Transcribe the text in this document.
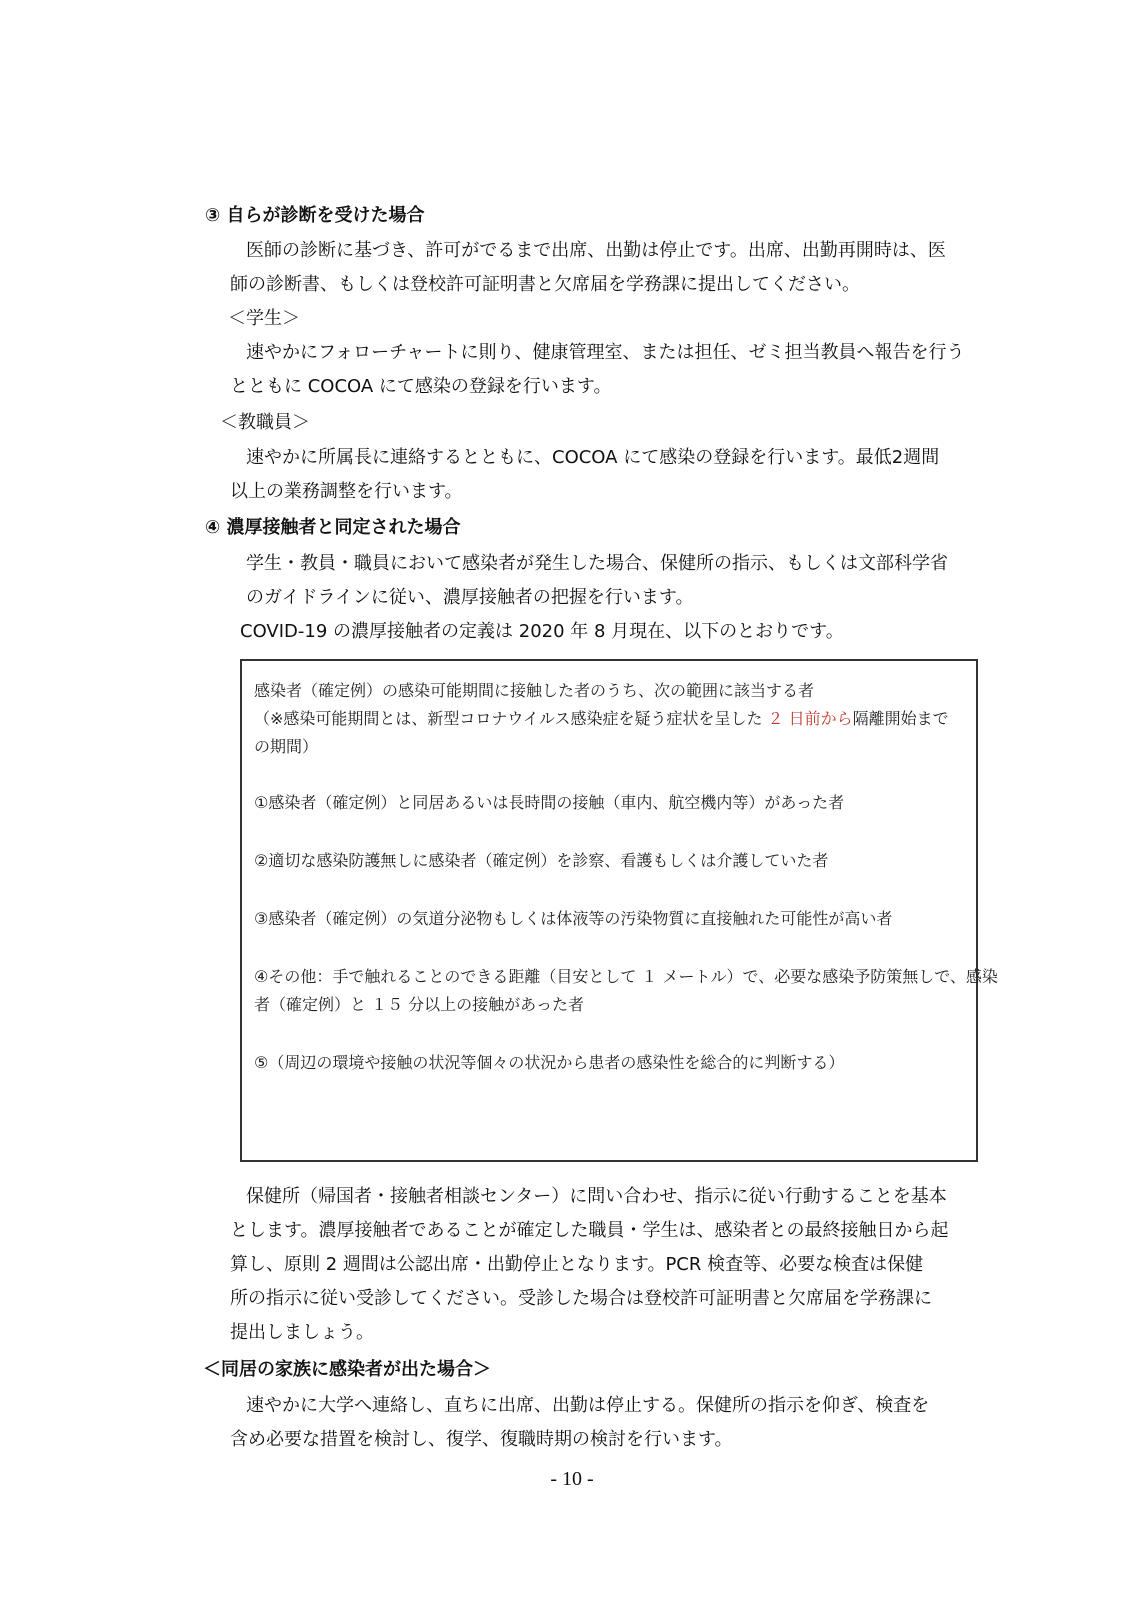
③ 自らが診断を受けた場合
医師の診断に基づき、許可がでるまで出席、出勤は停止です。出席、出勤再開時は、医
師の診断書、もしくは登校許可証明書と欠席届を学務課に提出してください。
＜学生＞
速やかにフォローチャートに則り、健康管理室、または担任、ゼミ担当教員へ報告を行う
とともに COCOA にて感染の登録を行います。
＜教職員＞
速やかに所属長に連絡するとともに、COCOA にて感染の登録を行います。最低2週間
以上の業務調整を行います。
④ 濃厚接触者と同定された場合
学生・教員・職員において感染者が発生した場合、保健所の指示、もしくは文部科学省
のガイドラインに従い、濃厚接触者の把握を行います。
COVID-19 の濃厚接触者の定義は 2020 年 8 月現在、以下のとおりです。
感染者（確定例）の感染可能期間に接触した者のうち、次の範囲に該当する者
（※感染可能期間とは、新型コロナウイルス感染症を疑う症状を呈した ２ 日前から隔離開始まで
の期間）
①感染者（確定例）と同居あるいは長時間の接触（車内、航空機内等）があった者
②適切な感染防護無しに感染者（確定例）を診察、看護もしくは介護していた者
③感染者（確定例）の気道分泌物もしくは体液等の汚染物質に直接触れた可能性が高い者
④その他：手で触れることのできる距離（目安として １ メートル）で、必要な感染予防策無しで、感染
者（確定例）と １５ 分以上の接触があった者
⑤（周辺の環境や接触の状況等個々の状況から患者の感染性を総合的に判断する）
保健所（帰国者・接触者相談センター）に問い合わせ、指示に従い行動することを基本
とします。濃厚接触者であることが確定した職員・学生は、感染者との最終接触日から起
算し、原則 2 週間は公認出席・出勤停止となります。PCR 検査等、必要な検査は保健
所の指示に従い受診してください。受診した場合は登校許可証明書と欠席届を学務課に
提出しましょう。
＜同居の家族に感染者が出た場合＞
速やかに大学へ連絡し、直ちに出席、出勤は停止する。保健所の指示を仰ぎ、検査を
含め必要な措置を検討し、復学、復職時期の検討を行います。
- 10 -
